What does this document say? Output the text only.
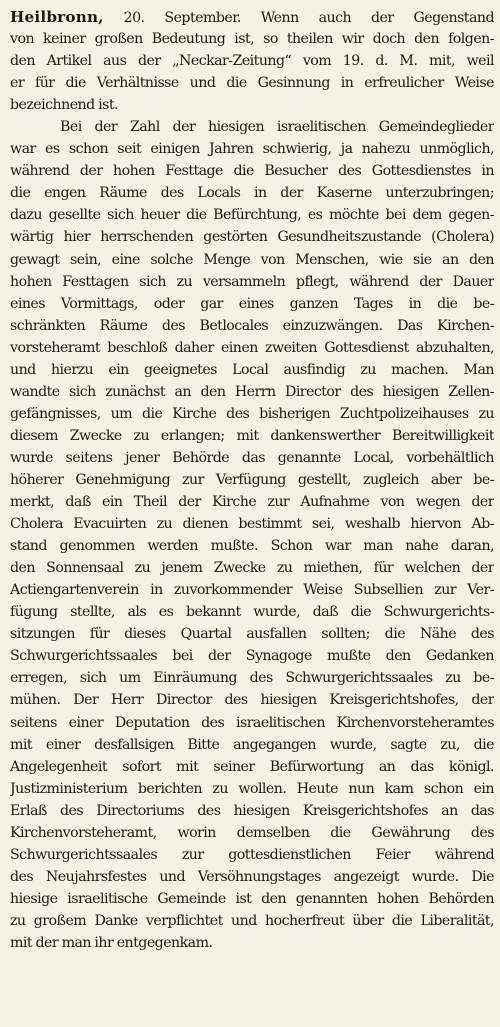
Heilbronn, 20. September. Wenn auch der Gegenstand
von keiner großen Bedeutung ist, so theilen wir doch den folgen-
den Artikel aus der „Neckar-Zeitung“ vom 19. d. M. mit, weil
er für die Verhältnisse und die Gesinnung in erfreulicher Weise
bezeichnend ist.
Bei der Zahl der hiesigen israelitischen Gemeindeglieder
war es schon seit einigen Jahren schwierig, ja nahezu unmöglich,
während der hohen Festtage die Besucher des Gottesdienstes in
die engen Räume des Locals in der Kaserne unterzubringen;
dazu gesellte sich heuer die Befürchtung, es möchte bei dem gegen-
wärtig hier herrschenden gestörten Gesundheitszustande (Cholera)
gewagt sein, eine solche Menge von Menschen, wie sie an den
hohen Festtagen sich zu versammeln pflegt, während der Dauer
eines Vormittags, oder gar eines ganzen Tages in die be-
schränkten Räume des Betlocales einzuzwängen. Das Kirchen-
vorsteheramt beschloß daher einen zweiten Gottesdienst abzuhalten,
und hierzu ein geeignetes Local ausfindig zu machen. Man
wandte sich zunächst an den Herrn Director des hiesigen Zellen-
gefängnisses, um die Kirche des bisherigen Zuchtpolizeihauses zu
diesem Zwecke zu erlangen; mit dankenswerther Bereitwilligkeit
wurde seitens jener Behörde das genannte Local, vorbehältlich
höherer Genehmigung zur Verfügung gestellt, zugleich aber be-
merkt, daß ein Theil der Kirche zur Aufnahme von wegen der
Cholera Evacuirten zu dienen bestimmt sei, weshalb hiervon Ab-
stand genommen werden mußte. Schon war man nahe daran,
den Sonnensaal zu jenem Zwecke zu miethen, für welchen der
Actiengartenverein in zuvorkommender Weise Subsellien zur Ver-
fügung stellte, als es bekannt wurde, daß die Schwurgerichts-
sitzungen für dieses Quartal ausfallen sollten; die Nähe des
Schwurgerichtssaales bei der Synagoge mußte den Gedanken
erregen, sich um Einräumung des Schwurgerichtssaales zu be-
mühen. Der Herr Director des hiesigen Kreisgerichtshofes, der
seitens einer Deputation des israelitischen Kirchenvorsteheramtes
mit einer desfallsigen Bitte angegangen wurde, sagte zu, die
Angelegenheit sofort mit seiner Befürwortung an das königl.
Justizministerium berichten zu wollen. Heute nun kam schon ein
Erlaß des Directoriums des hiesigen Kreisgerichtshofes an das
Kirchenvorsteheramt, worin demselben die Gewährung des
Schwurgerichtssaales zur gottesdienstlichen Feier während
des Neujahrsfestes und Versöhnungstages angezeigt wurde. Die
hiesige israelitische Gemeinde ist den genannten hohen Behörden
zu großem Danke verpflichtet und hocherfreut über die Liberalität,
mit der man ihr entgegenkam.
